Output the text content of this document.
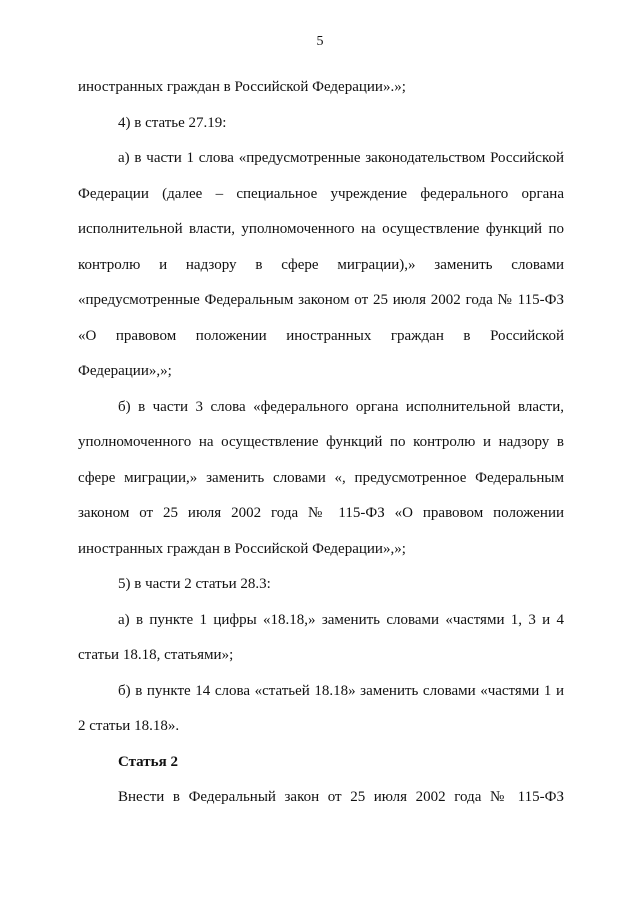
5

иностранных граждан в Российской Федерации».»;

4) в статье 27.19:

а) в части 1 слова «предусмотренные законодательством Российской Федерации (далее – специальное учреждение федерального органа исполнительной власти, уполномоченного на осуществление функций по контролю и надзору в сфере миграции),» заменить словами «предусмотренные Федеральным законом от 25 июля 2002 года № 115-ФЗ «О правовом положении иностранных граждан в Российской Федерации»,»;

б) в части 3 слова «федерального органа исполнительной власти, уполномоченного на осуществление функций по контролю и надзору в сфере миграции,» заменить словами «, предусмотренное Федеральным законом от 25 июля 2002 года № 115-ФЗ «О правовом положении иностранных граждан в Российской Федерации»,»;

5) в части 2 статьи 28.3:

а) в пункте 1 цифры «18.18,» заменить словами «частями 1, 3 и 4 статьи 18.18, статьями»;

б) в пункте 14 слова «статьей 18.18» заменить словами «частями 1 и 2 статьи 18.18».

Статья 2

Внести в Федеральный закон от 25 июля 2002 года № 115-ФЗ
